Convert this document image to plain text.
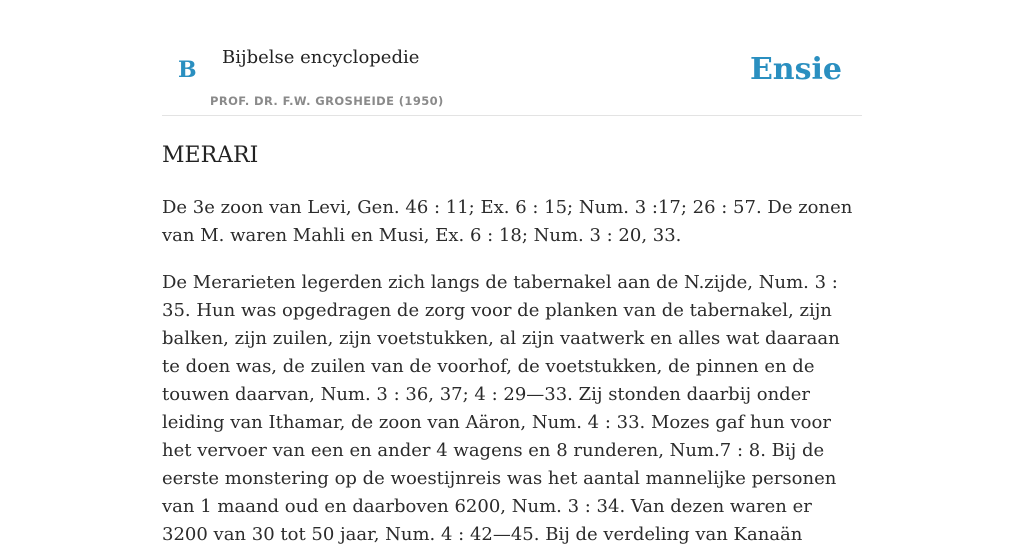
B Bijbelse encyclopedie
PROF. DR. F.W. GROSHEIDE (1950)
Ensie
MERARI

De 3e zoon van Levi, Gen. 46 : 11; Ex. 6 : 15; Num. 3 :17; 26 : 57. De zonen van M. waren Mahli en Musi, Ex. 6 : 18; Num. 3 : 20, 33.

De Merarieten legerden zich langs de tabernakel aan de N.zijde, Num. 3 : 35. Hun was opgedragen de zorg voor de planken van de tabernakel, zijn balken, zijn zuilen, zijn voetstukken, al zijn vaatwerk en alles wat daaraan te doen was, de zuilen van de voorhof, de voetstukken, de pinnen en de touwen daarvan, Num. 3 : 36, 37; 4 : 29—33. Zij stonden daarbij onder leiding van Ithamar, de zoon van Aäron, Num. 4 : 33. Mozes gaf hun voor het vervoer van een en ander 4 wagens en 8 runderen, Num.7 : 8. Bij de eerste monstering op de woestijnreis was het aantal mannelijke personen van 1 maand oud en daarboven 6200, Num. 3 : 34. Van dezen waren er 3200 van 30 tot 50 jaar, Num. 4 : 42—45. Bij de verdeling van Kanaän
